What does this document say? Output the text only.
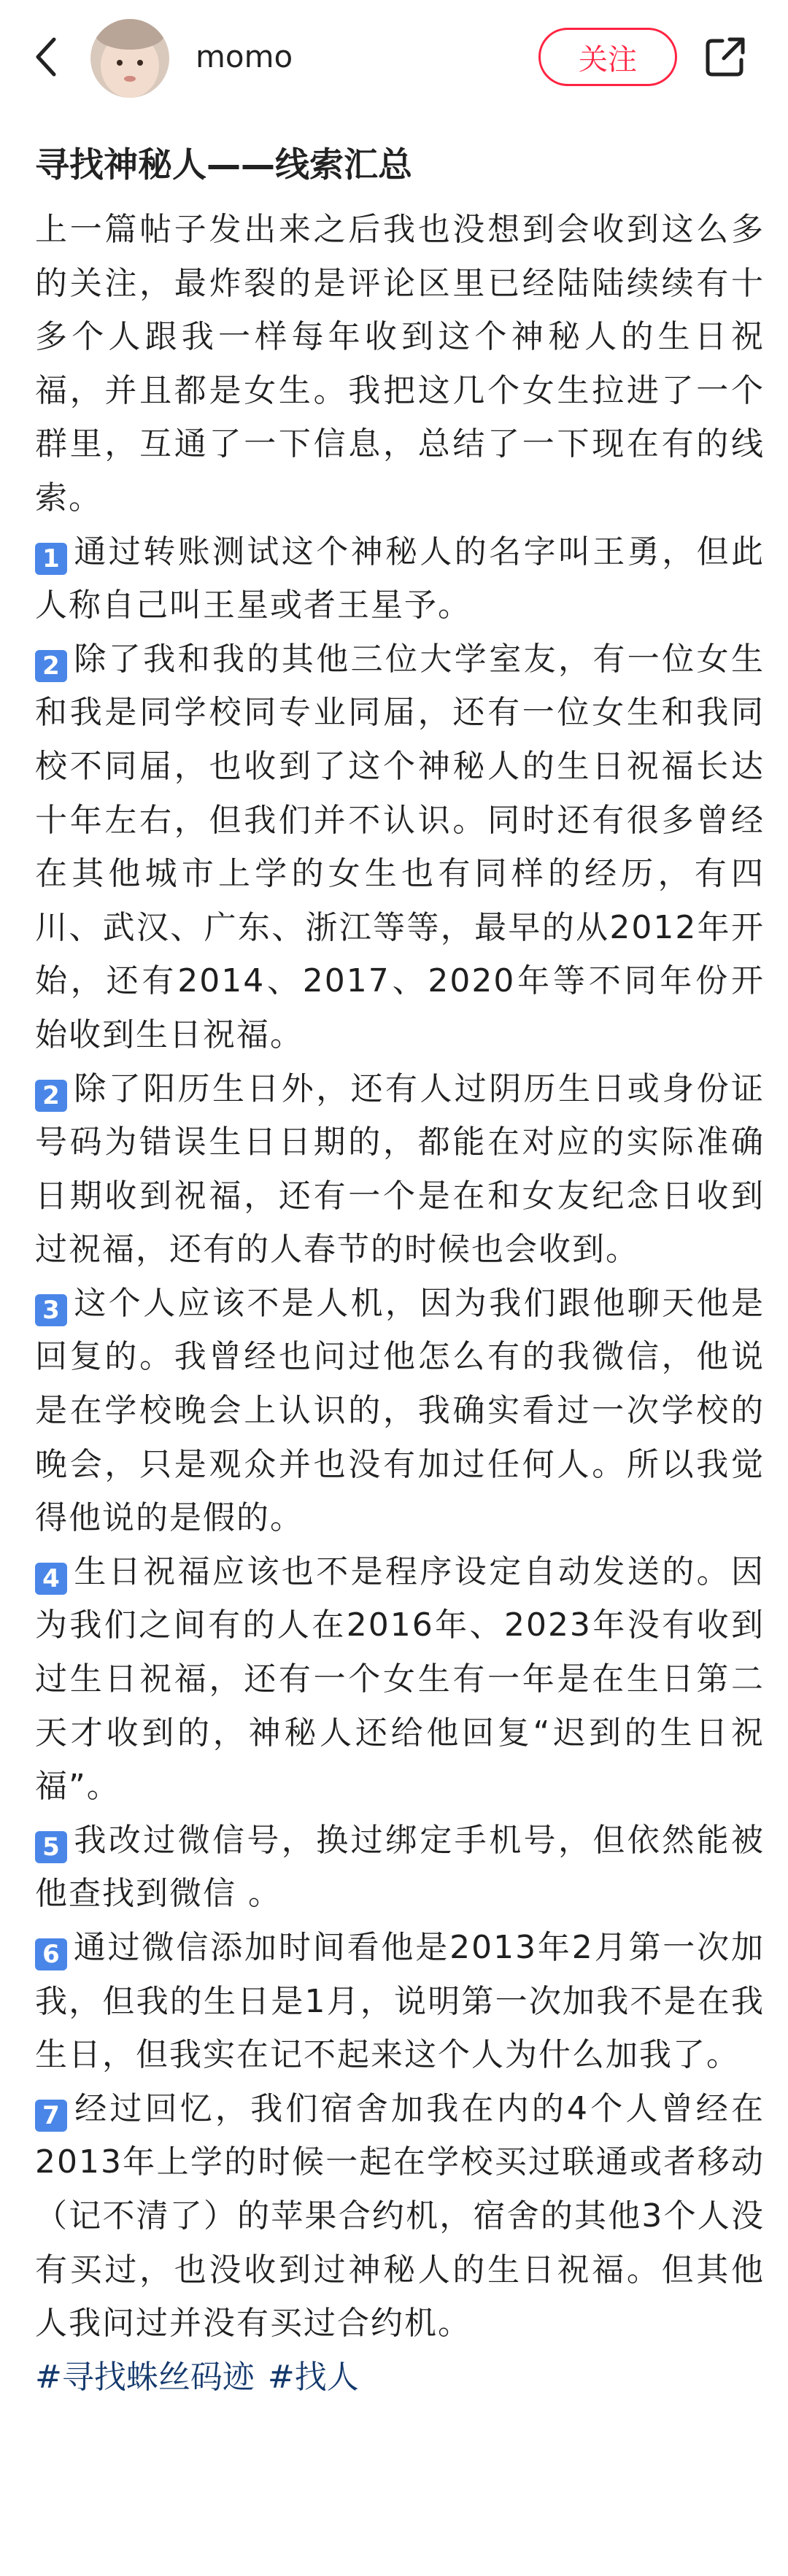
momo	关注
寻找神秘人——线索汇总

上一篇帖子发出来之后我也没想到会收到这么多的关注，最炸裂的是评论区里已经陆陆续续有十多个人跟我一样每年收到这个神秘人的生日祝福，并且都是女生。我把这几个女生拉进了一个群里，互通了一下信息，总结了一下现在有的线索。

1 通过转账测试这个神秘人的名字叫王勇，但此人称自己叫王星或者王星予。

2 除了我和我的其他三位大学室友，有一位女生和我是同学校同专业同届，还有一位女生和我同校不同届，也收到了这个神秘人的生日祝福长达十年左右，但我们并不认识。同时还有很多曾经在其他城市上学的女生也有同样的经历，有四川、武汉、广东、浙江等等，最早的从2012年开始，还有2014、2017、2020年等不同年份开始收到生日祝福。

2 除了阳历生日外，还有人过阴历生日或身份证号码为错误生日日期的，都能在对应的实际准确日期收到祝福，还有一个是在和女友纪念日收到过祝福，还有的人春节的时候也会收到。

3 这个人应该不是人机，因为我们跟他聊天他是回复的。我曾经也问过他怎么有的我微信，他说是在学校晚会上认识的，我确实看过一次学校的晚会，只是观众并也没有加过任何人。所以我觉得他说的是假的。

4 生日祝福应该也不是程序设定自动发送的。因为我们之间有的人在2016年、2023年没有收到过生日祝福，还有一个女生有一年是在生日第二天才收到的，神秘人还给他回复“迟到的生日祝福”。

5 我改过微信号，换过绑定手机号，但依然能被他查找到微信 。

6 通过微信添加时间看他是2013年2月第一次加我，但我的生日是1月，说明第一次加我不是在我生日，但我实在记不起来这个人为什么加我了。

7 经过回忆，我们宿舍加我在内的4个人曾经在2013年上学的时候一起在学校买过联通或者移动（记不清了）的苹果合约机，宿舍的其他3个人没有买过，也没收到过神秘人的生日祝福。但其他人我问过并没有买过合约机。

#寻找蛛丝码迹 #找人
